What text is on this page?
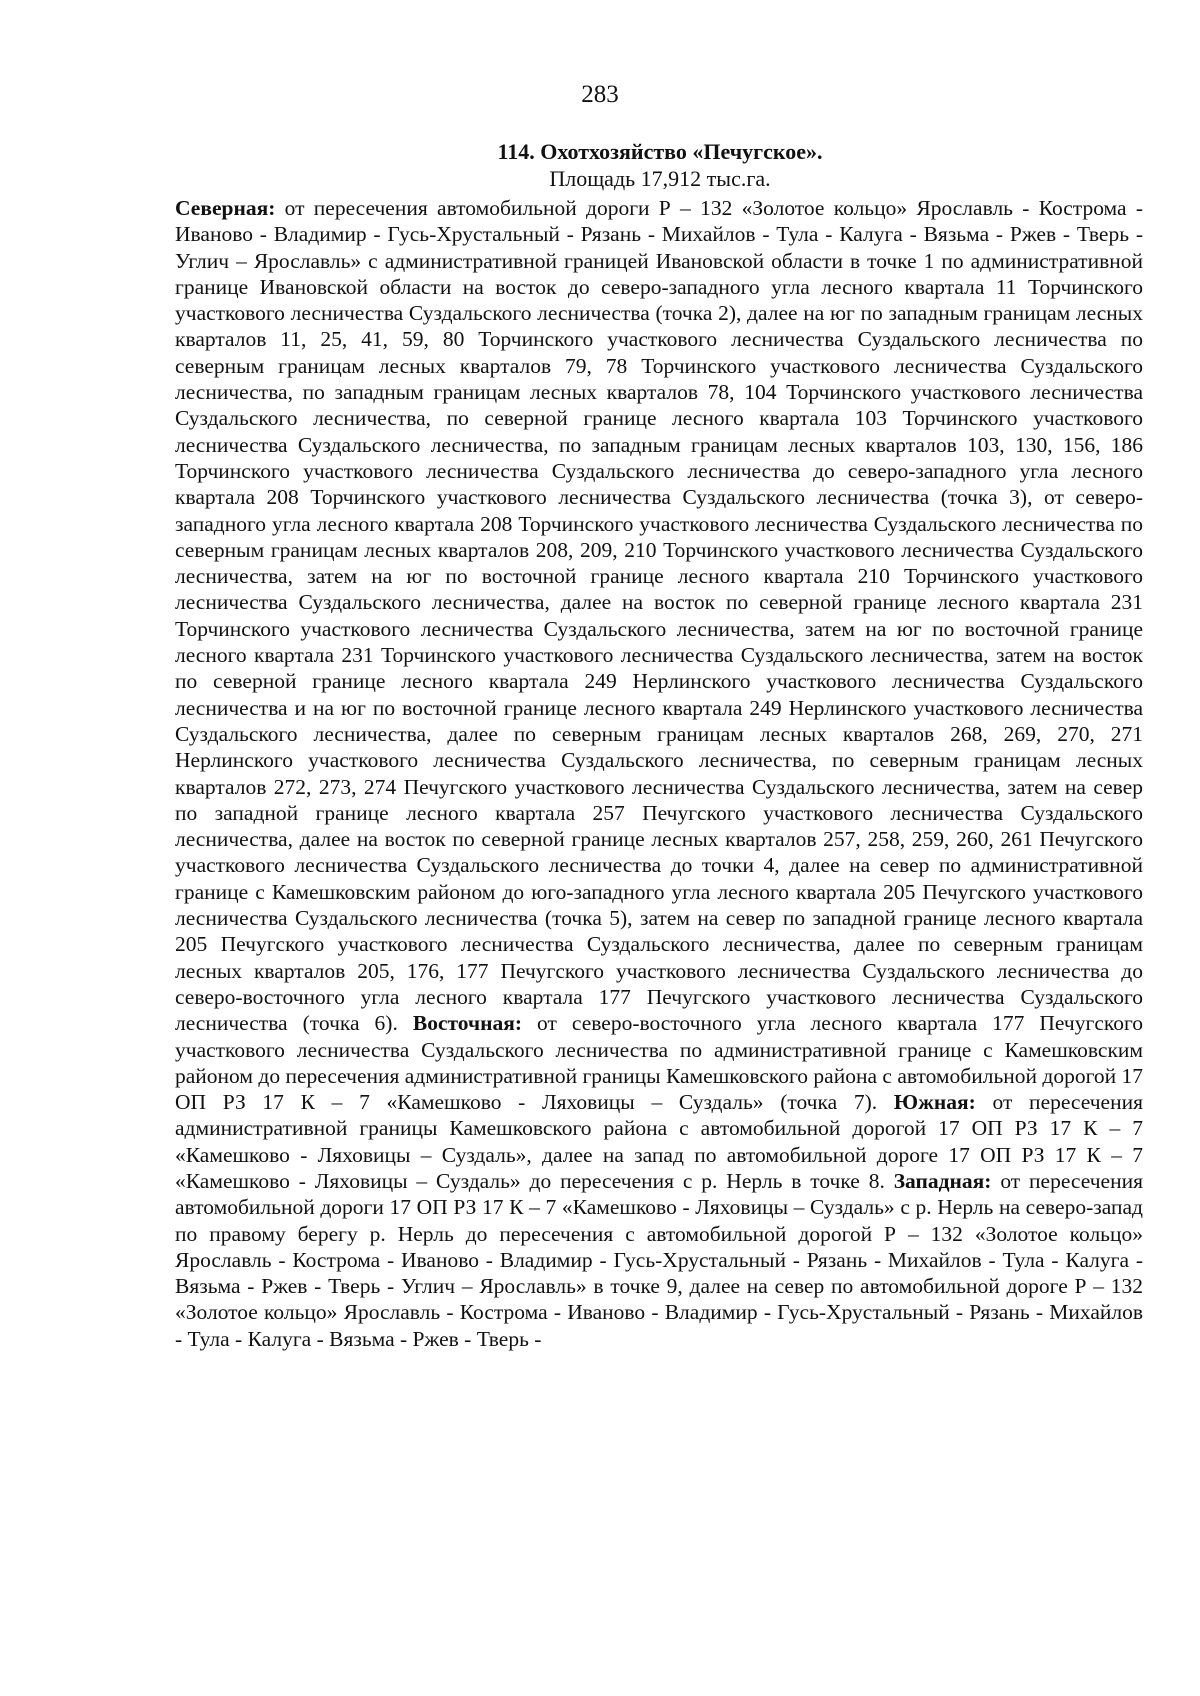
283
114. Охотхозяйство «Печугское».
Площадь 17,912 тыс.га.
Северная: от пересечения автомобильной дороги Р – 132 «Золотое кольцо» Ярославль - Кострома - Иваново - Владимир - Гусь-Хрустальный - Рязань - Михайлов - Тула - Калуга - Вязьма - Ржев - Тверь - Углич – Ярославль» с административной границей Ивановской области в точке 1 по административной границе Ивановской области на восток до северо-западного угла лесного квартала 11 Торчинского участкового лесничества Суздальского лесничества (точка 2), далее на юг по западным границам лесных кварталов 11, 25, 41, 59, 80 Торчинского участкового лесничества Суздальского лесничества по северным границам лесных кварталов 79, 78 Торчинского участкового лесничества Суздальского лесничества, по западным границам лесных кварталов 78, 104 Торчинского участкового лесничества Суздальского лесничества, по северной границе лесного квартала 103 Торчинского участкового лесничества Суздальского лесничества, по западным границам лесных кварталов 103, 130, 156, 186 Торчинского участкового лесничества Суздальского лесничества до северо-западного угла лесного квартала 208 Торчинского участкового лесничества Суздальского лесничества (точка 3), от северо-западного угла лесного квартала 208 Торчинского участкового лесничества Суздальского лесничества по северным границам лесных кварталов 208, 209, 210 Торчинского участкового лесничества Суздальского лесничества, затем на юг по восточной границе лесного квартала 210 Торчинского участкового лесничества Суздальского лесничества, далее на восток по северной границе лесного квартала 231 Торчинского участкового лесничества Суздальского лесничества, затем на юг по восточной границе лесного квартала 231 Торчинского участкового лесничества Суздальского лесничества, затем на восток по северной границе лесного квартала 249 Нерлинского участкового лесничества Суздальского лесничества и на юг по восточной границе лесного квартала 249 Нерлинского участкового лесничества Суздальского лесничества, далее по северным границам лесных кварталов 268, 269, 270, 271 Нерлинского участкового лесничества Суздальского лесничества, по северным границам лесных кварталов 272, 273, 274 Печугского участкового лесничества Суздальского лесничества, затем на север по западной границе лесного квартала 257 Печугского участкового лесничества Суздальского лесничества, далее на восток по северной границе лесных кварталов 257, 258, 259, 260, 261 Печугского участкового лесничества Суздальского лесничества до точки 4, далее на север по административной границе с Камешковским районом до юго-западного угла лесного квартала 205 Печугского участкового лесничества Суздальского лесничества (точка 5), затем на север по западной границе лесного квартала 205 Печугского участкового лесничества Суздальского лесничества, далее по северным границам лесных кварталов 205, 176, 177 Печугского участкового лесничества Суздальского лесничества до северо-восточного угла лесного квартала 177 Печугского участкового лесничества Суздальского лесничества (точка 6). Восточная: от северо-восточного угла лесного квартала 177 Печугского участкового лесничества Суздальского лесничества по административной границе с Камешковским районом до пересечения административной границы Камешковского района с автомобильной дорогой 17 ОП РЗ 17 К – 7 «Камешково - Ляховицы – Суздаль» (точка 7). Южная: от пересечения административной границы Камешковского района с автомобильной дорогой 17 ОП РЗ 17 К – 7 «Камешково - Ляховицы – Суздаль», далее на запад по автомобильной дороге 17 ОП РЗ 17 К – 7 «Камешково - Ляховицы – Суздаль» до пересечения с р. Нерль в точке 8. Западная: от пересечения автомобильной дороги 17 ОП РЗ 17 К – 7 «Камешково - Ляховицы – Суздаль» с р. Нерль на северо-запад по правому берегу р. Нерль до пересечения с автомобильной дорогой Р – 132 «Золотое кольцо» Ярославль - Кострома - Иваново - Владимир - Гусь-Хрустальный - Рязань - Михайлов - Тула - Калуга - Вязьма - Ржев - Тверь - Углич – Ярославль» в точке 9, далее на север по автомобильной дороге Р – 132 «Золотое кольцо» Ярославль - Кострома - Иваново - Владимир - Гусь-Хрустальный - Рязань - Михайлов - Тула - Калуга - Вязьма - Ржев - Тверь -
